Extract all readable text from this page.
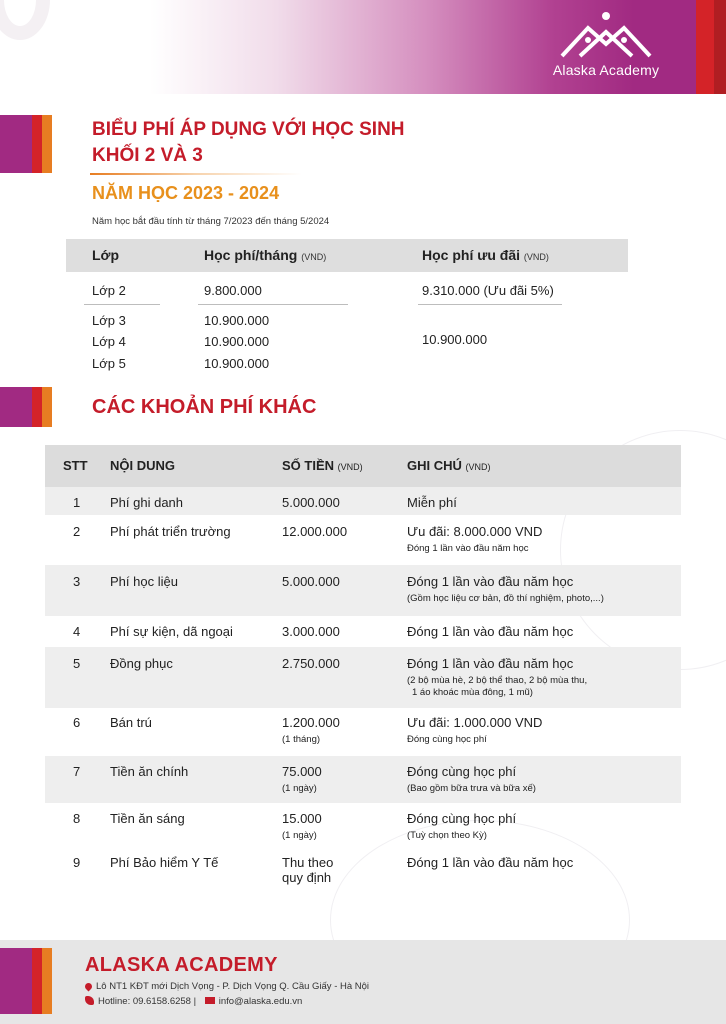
Alaska Academy
BIỂU PHÍ ÁP DỤNG VỚI HỌC SINH
KHỐI 2 VÀ 3
NĂM HỌC 2023 - 2024
Năm học bắt đầu tính từ tháng 7/2023 đến tháng 5/2024
Lớp	Học phí/tháng (VND)	Học phí ưu đãi (VND)
Lớp 2	9.800.000	9.310.000 (Ưu đãi 5%)
Lớp 3	10.900.000
Lớp 4	10.900.000
Lớp 5	10.900.000
10.900.000
CÁC KHOẢN PHÍ KHÁC
STT NỘI DUNG	SỐ TIỀN (VND)	GHI CHÚ (VND)
1 Phí ghi danh	5.000.000	Miễn phí
2 Phí phát triển trường	12.000.000	Ưu đãi: 8.000.000 VND
Đóng 1 lần vào đầu năm học
3 Phí học liệu	5.000.000	Đóng 1 lần vào đầu năm học
(Gồm học liệu cơ bản, đồ thí nghiệm, photo,...)
4 Phí sự kiện, dã ngoại	3.000.000	Đóng 1 lần vào đầu năm học
5 Đồng phục	2.750.000	Đóng 1 lần vào đầu năm học
(2 bộ mùa hè, 2 bộ thể thao, 2 bộ mùa thu,
1 áo khoác mùa đông, 1 mũ)
6 Bán trú	1.200.000
(1 tháng)
Ưu đãi: 1.000.000 VND
Đóng cùng học phí
7 Tiền ăn chính	75.000
(1 ngày)
Đóng cùng học phí
(Bao gồm bữa trưa và bữa xế)
8 Tiền ăn sáng	15.000
(1 ngày)
Đóng cùng học phí
(Tuỳ chọn theo Kỳ)
9 Phí Bảo hiểm Y Tế	Thu theo
quy định
Đóng 1 lần vào đầu năm học
ALASKA ACADEMY
Lô NT1 KĐT mới Dịch Vọng - P. Dịch Vọng Q. Cầu Giấy - Hà Nội
Hotline: 09.6158.6258 | info@alaska.edu.vn
